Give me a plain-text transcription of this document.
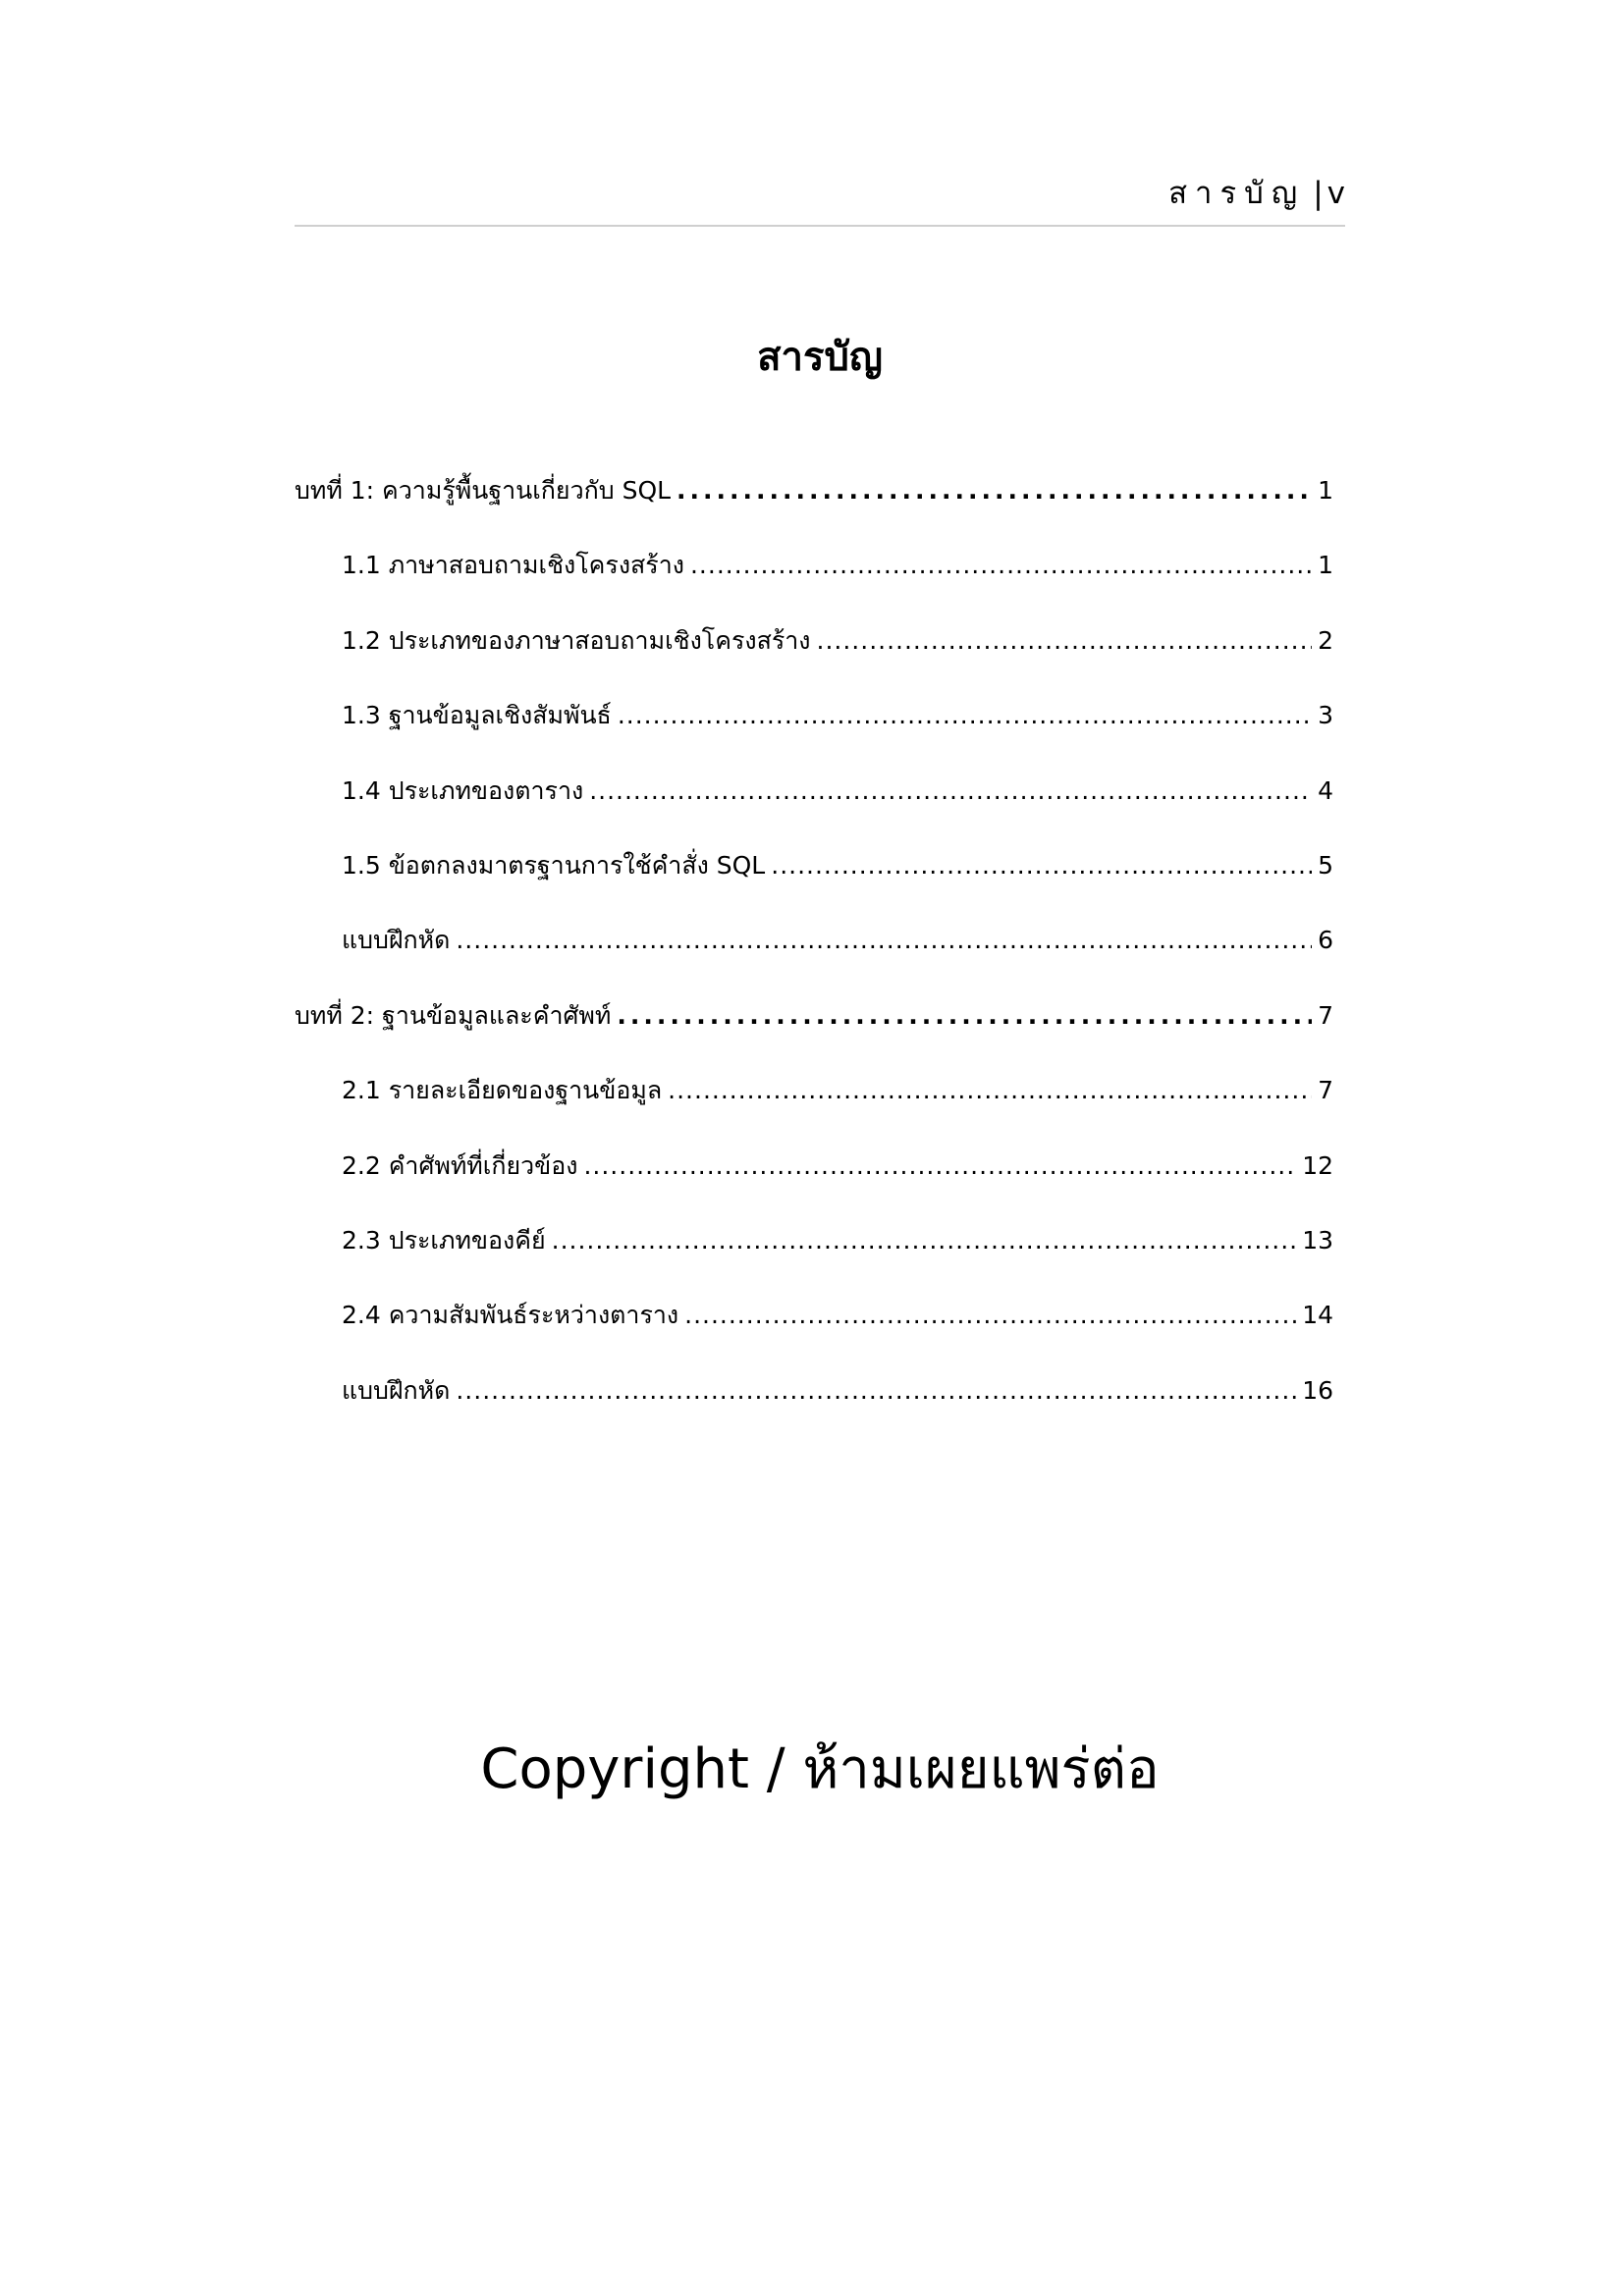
สารบัญ | v
สารบัญ
บทที่ 1: ความรู้พื้นฐานเกี่ยวกับ SQL .....	1
1.1 ภาษาสอบถามเชิงโครงสร้าง .....	1
1.2 ประเภทของภาษาสอบถามเชิงโครงสร้าง .....	2
1.3 ฐานข้อมูลเชิงสัมพันธ์ .....	3
1.4 ประเภทของตาราง .....	4
1.5 ข้อตกลงมาตรฐานการใช้คำสั่ง SQL .....	5
แบบฝึกหัด .....	6
บทที่ 2: ฐานข้อมูลและคำศัพท์ .....	7
2.1 รายละเอียดของฐานข้อมูล .....	7
2.2 คำศัพท์ที่เกี่ยวข้อง .....	12
2.3 ประเภทของคีย์ .....	13
2.4 ความสัมพันธ์ระหว่างตาราง .....	14
แบบฝึกหัด .....	16
Copyright / ห้ามเผยแพร่ต่อ
